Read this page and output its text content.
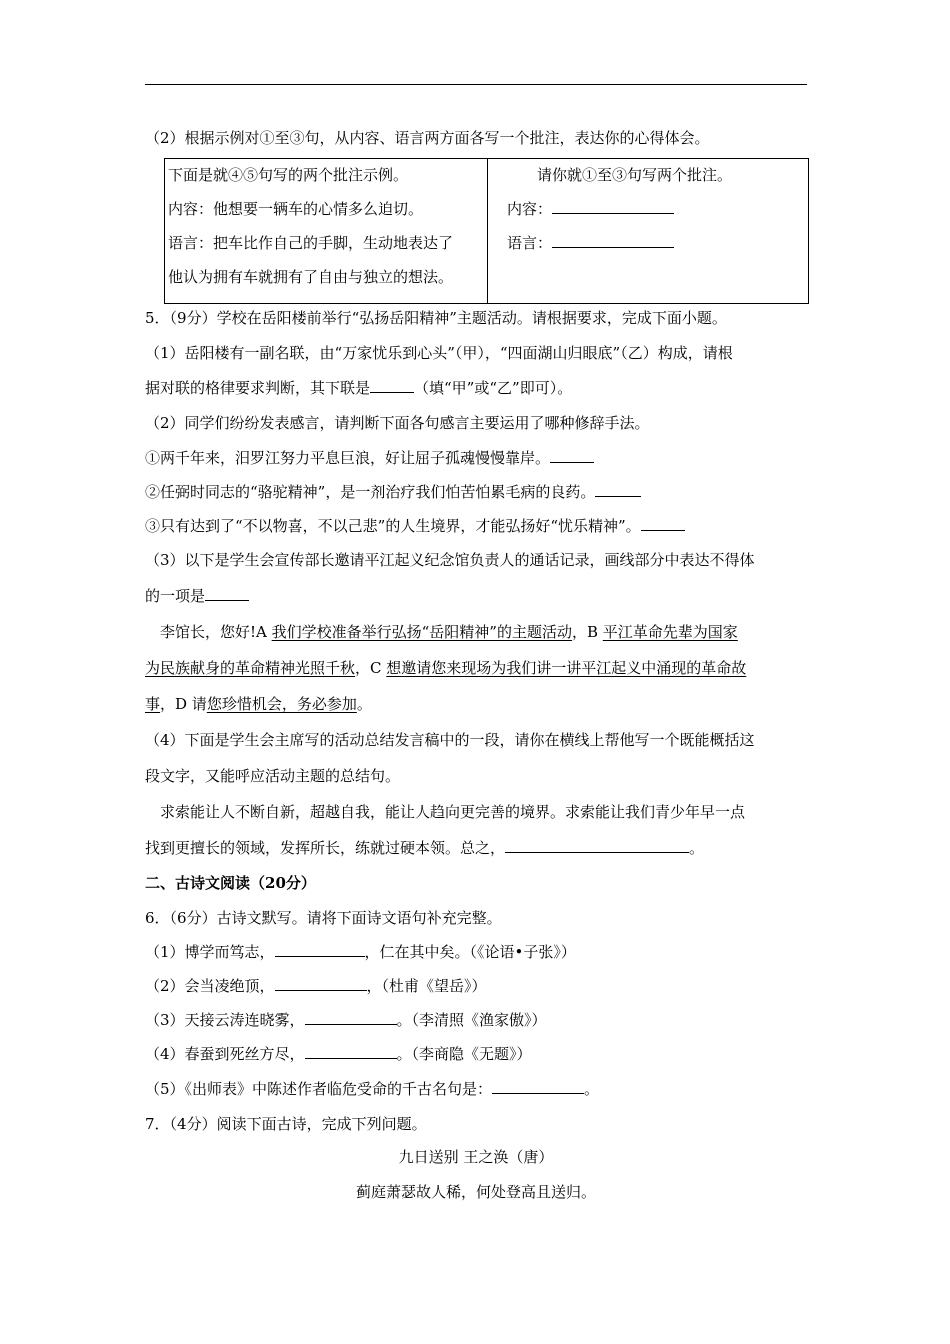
（2）根据示例对①至③句，从内容、语言两方面各写一个批注，表达你的心得体会。

下面是就④⑤句写的两个批注示例。
内容：他想要一辆车的心情多么迫切。
语言：把车比作自己的手脚，生动地表达了
他认为拥有车就拥有了自由与独立的想法。
请你就①至③句写两个批注。
内容：
语言：
5．（9分）学校在岳阳楼前举行“弘扬岳阳精神”主题活动。请根据要求，完成下面小题。
（1）岳阳楼有一副名联，由“万家忧乐到心头”（甲），“四面湖山归眼底”（乙）构成，请根
据对联的格律要求判断，其下联是	（填“甲”或“乙”即可）。
（2）同学们纷纷发表感言，请判断下面各句感言主要运用了哪种修辞手法。
①两千年来，汨罗江努力平息巨浪，好让屈子孤魂慢慢靠岸。
②任弼时同志的“骆驼精神”，是一剂治疗我们怕苦怕累毛病的良药。
③只有达到了“不以物喜，不以己悲”的人生境界，才能弘扬好“忧乐精神”。
（3）以下是学生会宣传部长邀请平江起义纪念馆负责人的通话记录，画线部分中表达不得体
的一项是
李馆长，您好!A 我们学校准备举行弘扬“岳阳精神”的主题活动，B 平江革命先辈为国家
为民族献身的革命精神光照千秋，C 想邀请您来现场为我们讲一讲平江起义中涌现的革命故
事，D 请您珍惜机会，务必参加。
（4）下面是学生会主席写的活动总结发言稿中的一段，请你在横线上帮他写一个既能概括这
段文字，又能呼应活动主题的总结句。
求索能让人不断自新，超越自我，能让人趋向更完善的境界。求索能让我们青少年早一点
找到更擅长的领域，发挥所长，练就过硬本领。总之，	。
二、古诗文阅读（20分）
6．（6分）古诗文默写。请将下面诗文语句补充完整。
（1）博学而笃志，	，仁在其中矣。（《论语•子张》）
（2）会当凌绝顶，	，（杜甫《望岳》）
（3）天接云涛连晓雾，	。（李清照《渔家傲》）
（4）春蚕到死丝方尽，	。（李商隐《无题》）
（5）《出师表》中陈述作者临危受命的千古名句是：	。
7．（4分）阅读下面古诗，完成下列问题。
九日送别 王之涣（唐）
蓟庭萧瑟故人稀，何处登高且送归。
